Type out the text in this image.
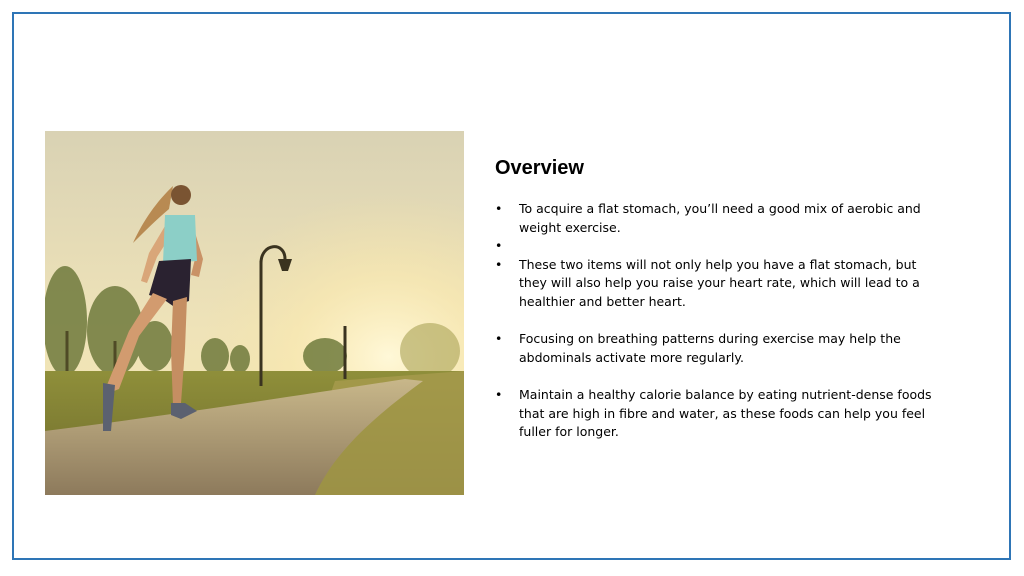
Overview
• To acquire a flat stomach, you’ll need a good mix of aerobic and weight exercise.
•
• These two items will not only help you have a flat stomach, but they will also help you raise your heart rate, which will lead to a healthier and better heart.
• Focusing on breathing patterns during exercise may help the abdominals activate more regularly.
• Maintain a healthy calorie balance by eating nutrient-dense foods that are high in fibre and water, as these foods can help you feel fuller for longer.
